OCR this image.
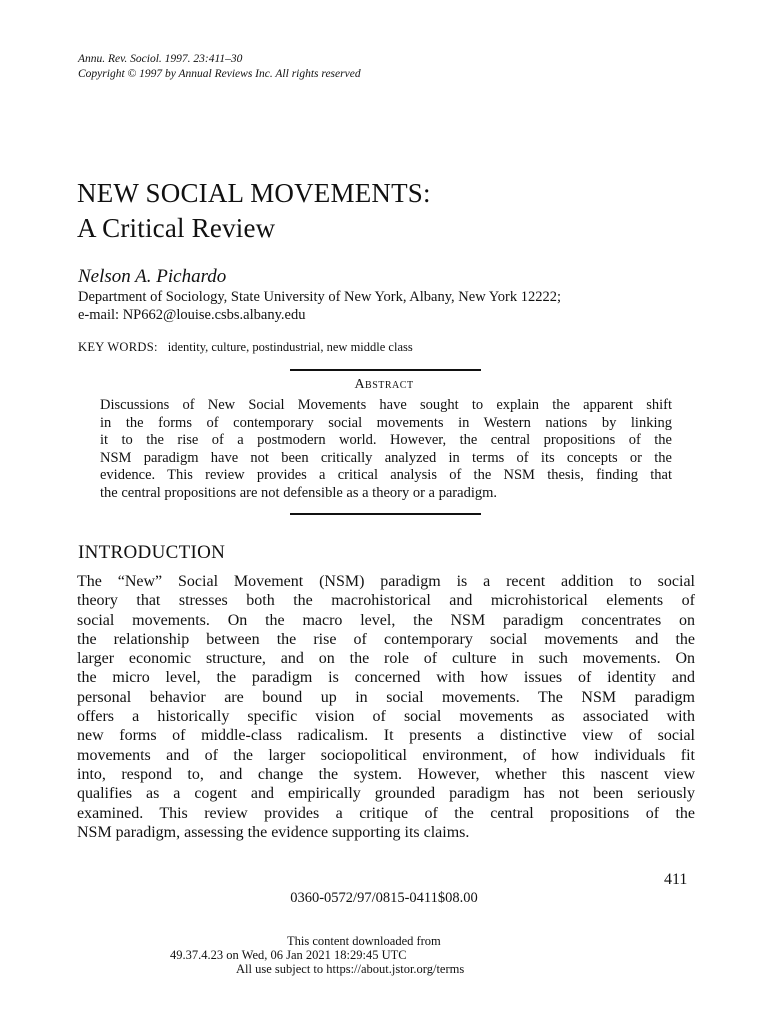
Annu. Rev. Sociol. 1997. 23:411–30
Copyright © 1997 by Annual Reviews Inc. All rights reserved
NEW SOCIAL MOVEMENTS:
A Critical Review
Nelson A. Pichardo
Department of Sociology, State University of New York, Albany, New York 12222;
e-mail: NP662@louise.csbs.albany.edu
KEY WORDS: identity, culture, postindustrial, new middle class
Abstract
Discussions of New Social Movements have sought to explain the apparent shift
in the forms of contemporary social movements in Western nations by linking
it to the rise of a postmodern world. However, the central propositions of the
NSM paradigm have not been critically analyzed in terms of its concepts or the
evidence. This review provides a critical analysis of the NSM thesis, finding that
the central propositions are not defensible as a theory or a paradigm.
INTRODUCTION
The “New” Social Movement (NSM) paradigm is a recent addition to social
theory that stresses both the macrohistorical and microhistorical elements of
social movements. On the macro level, the NSM paradigm concentrates on
the relationship between the rise of contemporary social movements and the
larger economic structure, and on the role of culture in such movements. On
the micro level, the paradigm is concerned with how issues of identity and
personal behavior are bound up in social movements. The NSM paradigm
offers a historically specific vision of social movements as associated with
new forms of middle-class radicalism. It presents a distinctive view of social
movements and of the larger sociopolitical environment, of how individuals fit
into, respond to, and change the system. However, whether this nascent view
qualifies as a cogent and empirically grounded paradigm has not been seriously
examined. This review provides a critique of the central propositions of the
NSM paradigm, assessing the evidence supporting its claims.
411
0360-0572/97/0815-0411$08.00
This content downloaded from
49.37.4.23 on Wed, 06 Jan 2021 18:29:45 UTC
All use subject to https://about.jstor.org/terms
